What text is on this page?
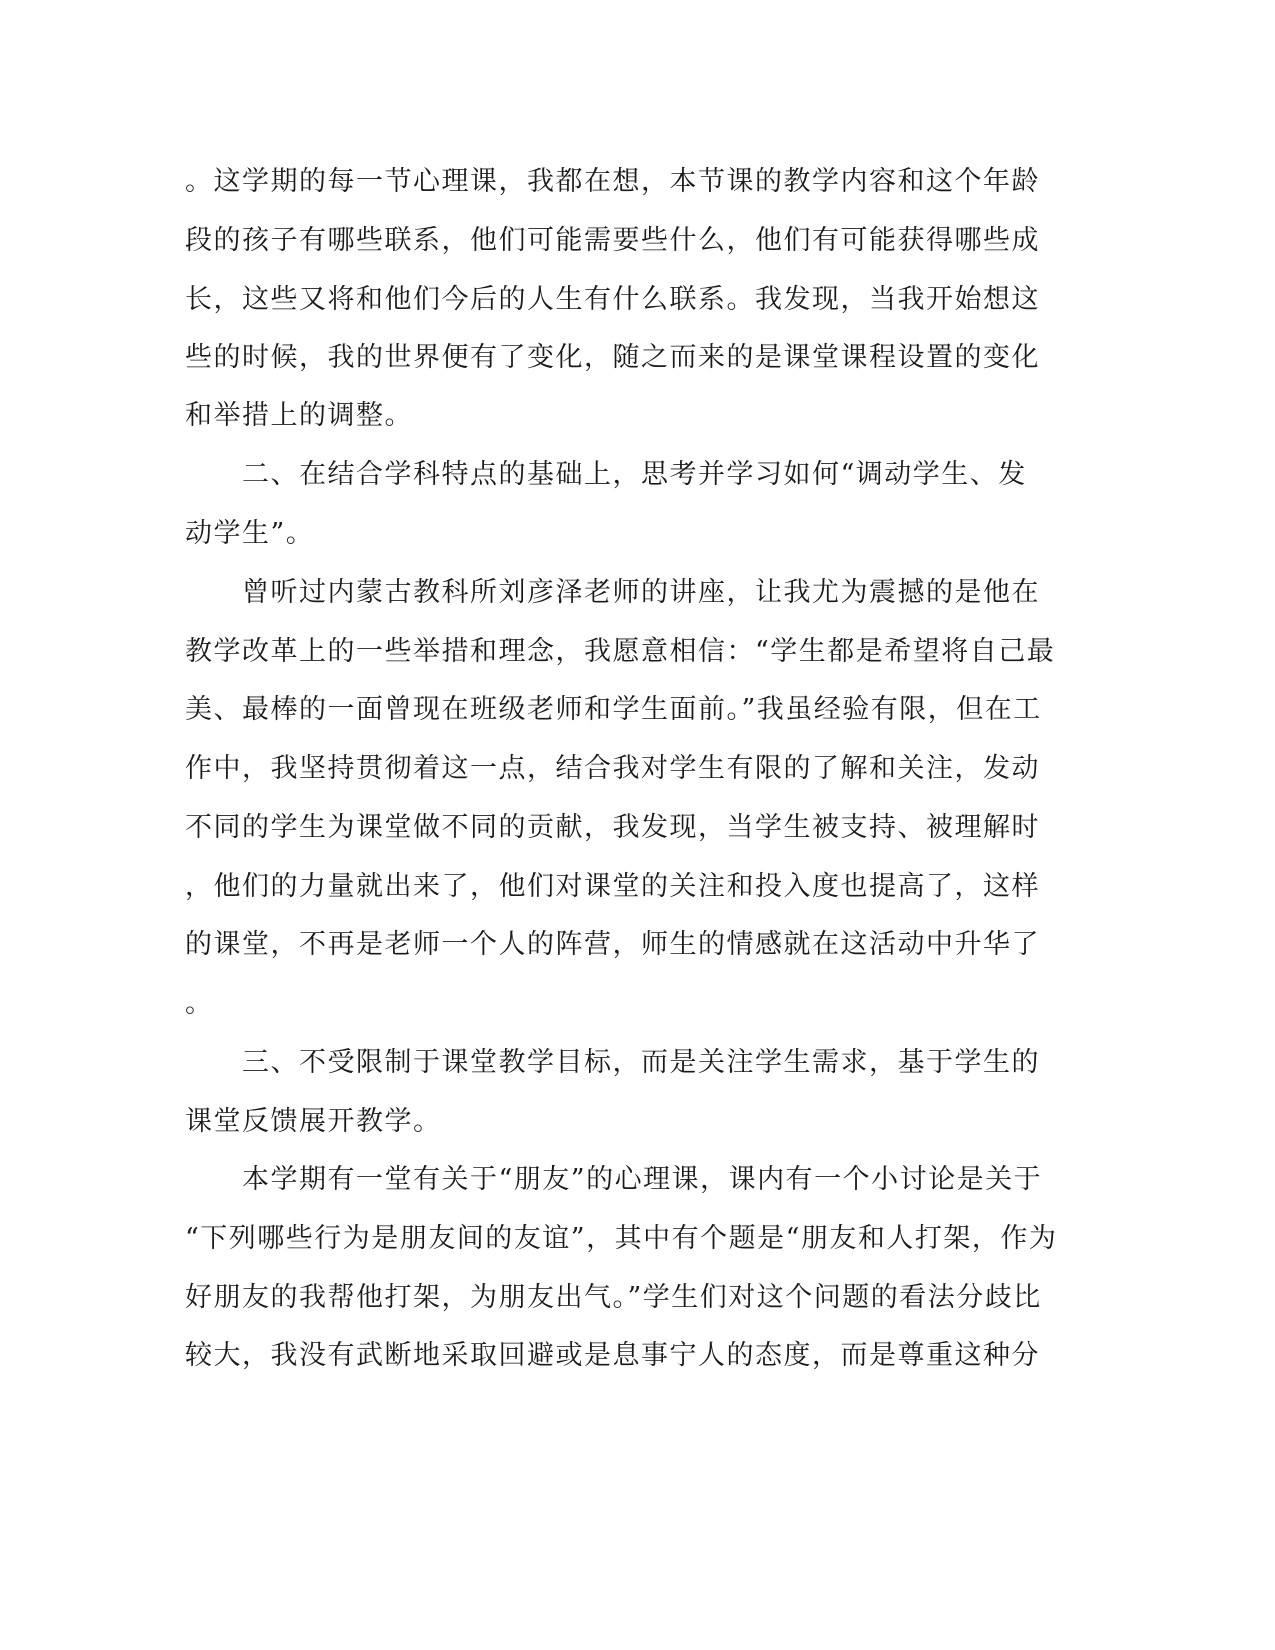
。这学期的每一节心理课，我都在想，本节课的教学内容和这个年龄
段的孩子有哪些联系，他们可能需要些什么，他们有可能获得哪些成
长，这些又将和他们今后的人生有什么联系。我发现，当我开始想这
些的时候，我的世界便有了变化，随之而来的是课堂课程设置的变化
和举措上的调整。
　　二、在结合学科特点的基础上，思考并学习如何“调动学生、发
动学生”。
　　曾听过内蒙古教科所刘彦泽老师的讲座，让我尤为震撼的是他在
教学改革上的一些举措和理念，我愿意相信：“学生都是希望将自己最
美、最棒的一面曾现在班级老师和学生面前。”我虽经验有限，但在工
作中，我坚持贯彻着这一点，结合我对学生有限的了解和关注，发动
不同的学生为课堂做不同的贡献，我发现，当学生被支持、被理解时
，他们的力量就出来了，他们对课堂的关注和投入度也提高了，这样
的课堂，不再是老师一个人的阵营，师生的情感就在这活动中升华了
。
　　三、不受限制于课堂教学目标，而是关注学生需求，基于学生的
课堂反馈展开教学。
　　本学期有一堂有关于“朋友”的心理课，课内有一个小讨论是关于
“下列哪些行为是朋友间的友谊”，其中有个题是“朋友和人打架，作为
好朋友的我帮他打架，为朋友出气。”学生们对这个问题的看法分歧比
较大，我没有武断地采取回避或是息事宁人的态度，而是尊重这种分
